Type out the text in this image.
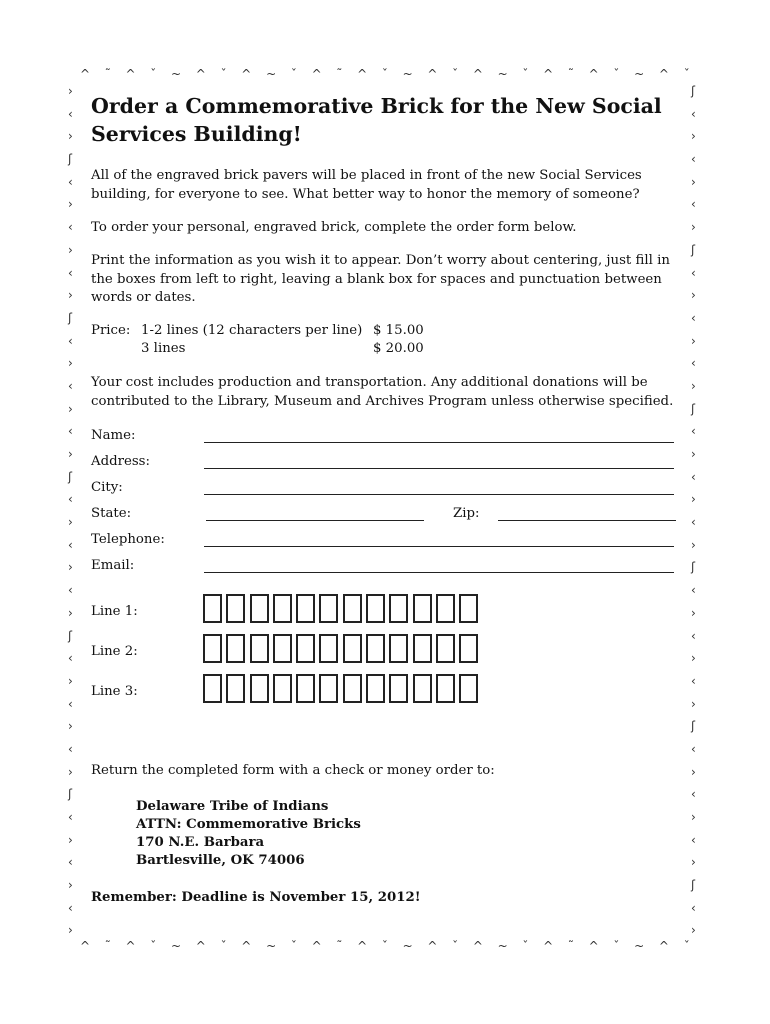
^ ˜ ^ ˇ ~ ^ ˇ ^ ~ ˇ ^ ˜ ^ ˇ ~ ^ ˇ ^ ~ ˇ ^ ˜ ^ ˇ ~ ^ ˇ
^ ˜ ^ ˇ ~ ^ ˇ ^ ~ ˇ ^ ˜ ^ ˇ ~ ^ ˇ ^ ~ ˇ ^ ˜ ^ ˇ ~ ^ ˇ
›
‹
›
ʃ
‹
›
‹
›
‹
›
ʃ
‹
›
‹
›
‹
›
ʃ
‹
›
‹
›
‹
›
ʃ
‹
›
‹
›
‹
›
ʃ
‹
›
‹
›
‹
›
ʃ
‹
›
‹
›
‹
›
ʃ
‹
›
‹
›
‹
›
ʃ
‹
›
‹
›
‹
›
ʃ
‹
›
‹
›
‹
›
ʃ
‹
›
‹
›
‹
›
ʃ
‹
›
Order a Commemorative Brick for the New Social Services Building!

All of the engraved brick pavers will be placed in front of the new Social Services building, for everyone to see. What better way to honor the memory of someone?

To order your personal, engraved brick, complete the order form below.

Print the information as you wish it to appear. Don’t worry about centering, just fill in the boxes from left to right, leaving a blank box for spaces and punctuation between words or dates.

Price: 1-2 lines (12 characters per line) $ 15.00
3 lines	$ 20.00

Your cost includes production and transportation. Any additional donations will be contributed to the Library, Museum and Archives Program unless otherwise specified.

Name:
Address:
City:
State:	Zip:
Telephone:
Email:
Line 1:
Line 2:
Line 3:

Return the completed form with a check or money order to:

Delaware Tribe of Indians
ATTN: Commemorative Bricks
170 N.E. Barbara
Bartlesville, OK 74006

Remember: Deadline is November 15, 2012!
